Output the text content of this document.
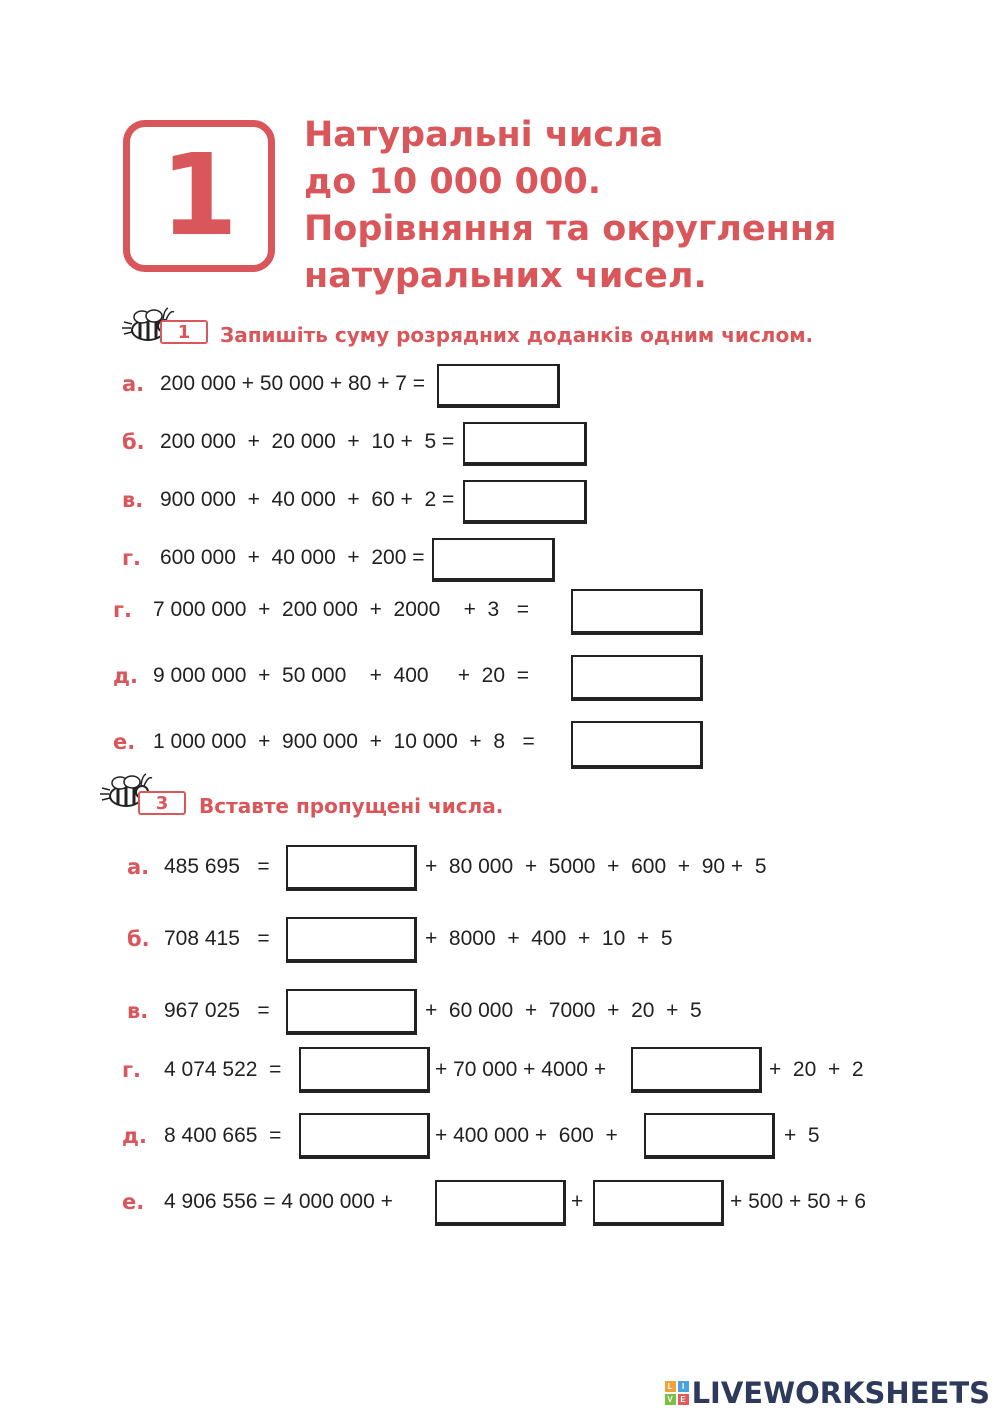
1 Натуральні числа
до 10 000 000.
Порівняння та округлення
натуральних чисел.
1	Запишіть суму розрядних доданків одним числом.
а. 200 000 + 50 000 + 80 + 7 =
б. 200 000  +  20 000  +  10 +  5 =
в. 900 000  +  40 000  +  60 +  2 =
г. 600 000  +  40 000  +  200 =
г. 7 000 000  +  200 000  +  2000    +  3   =
д. 9 000 000  +  50 000    +  400     +  20  =
е. 1 000 000  +  900 000  +  10 000  +  8   =
3	Вставте пропущені числа.
а. 485 695   =	+  80 000  +  5000  +  600  +  90 +  5
б. 708 415   =	+  8000  +  400  +  10  +  5
в. 967 025   =	+  60 000  +  7000  +  20  +  5
г. 4 074 522  =	+ 70 000 + 4000 +	+  20  +  2
д. 8 400 665  =	+ 400 000 +  600  +	+  5
е. 4 906 556 = 4 000 000 +	+	+ 500 + 50 + 6
L	I
V E LIVEWORKSHEETS
